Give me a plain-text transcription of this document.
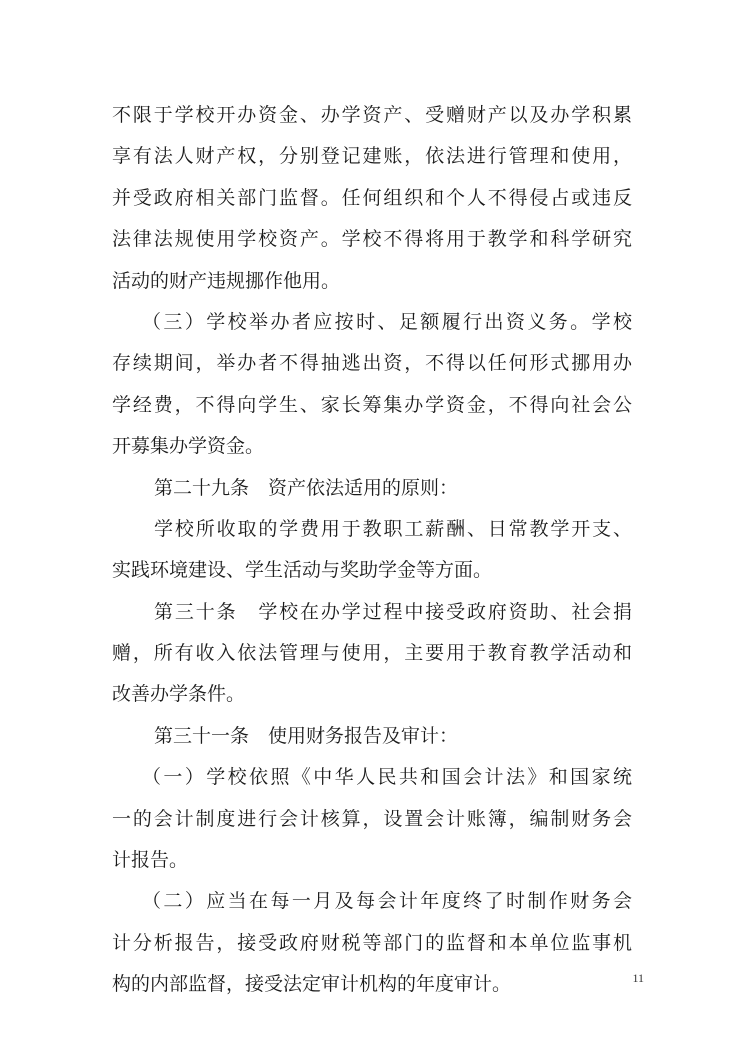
不限于学校开办资金、办学资产、受赠财产以及办学积累
享有法人财产权，分别登记建账，依法进行管理和使用，
并受政府相关部门监督。任何组织和个人不得侵占或违反
法律法规使用学校资产。学校不得将用于教学和科学研究
活动的财产违规挪作他用。
（三）学校举办者应按时、足额履行出资义务。学校
存续期间，举办者不得抽逃出资，不得以任何形式挪用办
学经费，不得向学生、家长筹集办学资金，不得向社会公
开募集办学资金。
第二十九条　资产依法适用的原则：
学校所收取的学费用于教职工薪酬、日常教学开支、
实践环境建设、学生活动与奖助学金等方面。
第三十条　学校在办学过程中接受政府资助、社会捐
赠，所有收入依法管理与使用，主要用于教育教学活动和
改善办学条件。
第三十一条　使用财务报告及审计：
（一）学校依照《中华人民共和国会计法》和国家统
一的会计制度进行会计核算，设置会计账簿，编制财务会
计报告。
（二）应当在每一月及每会计年度终了时制作财务会
计分析报告，接受政府财税等部门的监督和本单位监事机
构的内部监督，接受法定审计机构的年度审计。	11
